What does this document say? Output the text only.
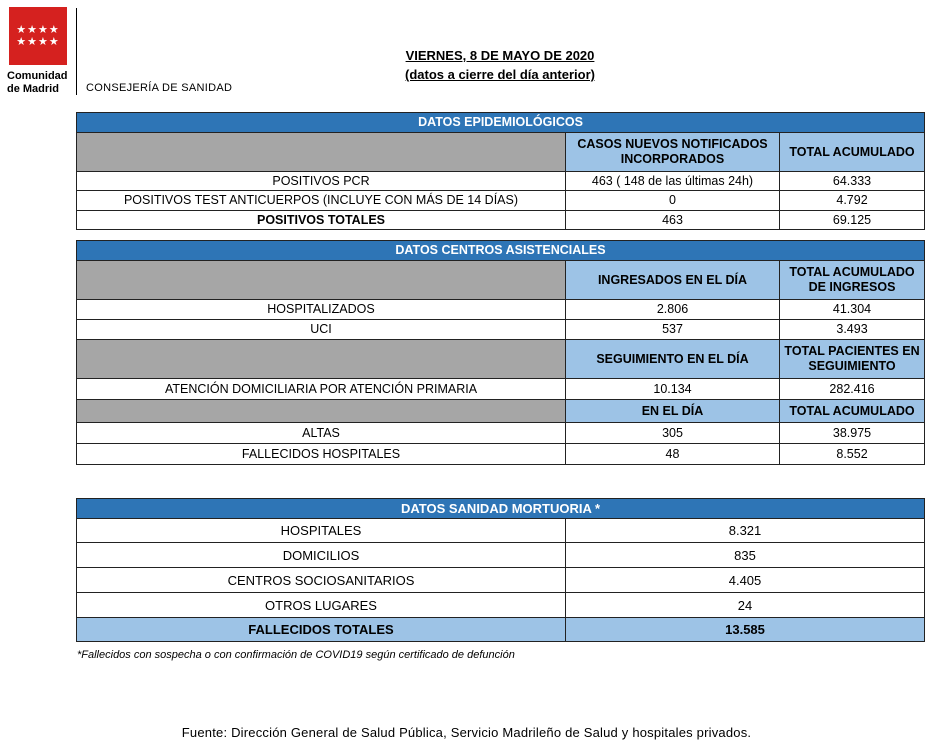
★★★★
★★★★
Comunidad
de Madrid	CONSEJERÍA DE SANIDAD
VIERNES, 8 DE MAYO DE 2020
(datos a cierre del día anterior)
DATOS EPIDEMIOLÓGICOS		
	CASOS NUEVOS NOTIFICADOS INCORPORADOS	TOTAL ACUMULADO
POSITIVOS PCR	463 ( 148 de las últimas 24h)	64.333
POSITIVOS TEST ANTICUERPOS (INCLUYE CON MÁS DE 14 DÍAS)	0	4.792
POSITIVOS TOTALES	463	69.125
DATOS CENTROS ASISTENCIALES		
	INGRESADOS EN EL DÍA	TOTAL ACUMULADO DE INGRESOS
HOSPITALIZADOS	2.806	41.304
UCI	537	3.493
	SEGUIMIENTO EN EL DÍA	TOTAL PACIENTES EN SEGUIMIENTO
ATENCIÓN DOMICILIARIA POR ATENCIÓN PRIMARIA	10.134	282.416
	EN EL DÍA	TOTAL ACUMULADO
ALTAS	305	38.975
FALLECIDOS HOSPITALES	48	8.552
DATOS SANIDAD MORTUORIA *	
HOSPITALES	8.321
DOMICILIOS	835
CENTROS SOCIOSANITARIOS	4.405
OTROS LUGARES	24
FALLECIDOS TOTALES	13.585
*Fallecidos con sospecha o con confirmación de COVID19 según certificado de defunción
Fuente: Dirección General de Salud Pública, Servicio Madrileño de Salud y hospitales privados.
